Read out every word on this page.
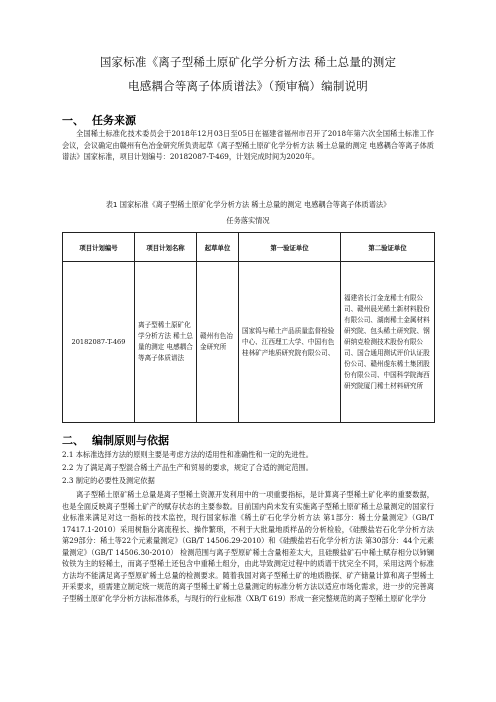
国家标准《离子型稀土原矿化学分析方法 稀土总量的测定
电感耦合等离子体质谱法》（预审稿）编制说明
一、 任务来源

全国稀土标准化技术委员会于2018年12月03日至05日在福建省福州市召开了2018年第六次全国稀土标准工作会议，会议确定由赣州有色冶金研究所负责起草《离子型稀土原矿化学分析方法 稀土总量的测定 电感耦合等离子体质谱法》国家标准，项目计划编号：20182087-T-469，计划完成时间为2020年。

表1 国家标准《离子型稀土原矿化学分析方法 稀土总量的测定 电感耦合等离子体质谱法》
任务落实情况
项目计划编号	项目计划名称	起草单位	第一验证单位	第二验证单位
20182087-T-469	离子型稀土原矿化学分析方法 稀土总量的测定 电感耦合等离子体质谱法	赣州有色冶金研究所	国家钨与稀土产品质量监督检验中心、江西理工大学、中国有色桂林矿产地质研究院有限公司、	福建省长汀金龙稀土有限公司、赣州晨光稀土新材料股份有限公司、湖南稀土金属材料研究院、包头稀土研究院、钢研纳克检测技术股份有限公司、国合通用测试评价认证股份公司、赣州虔东稀土集团股份有限公司、中国科学院海西研究院厦门稀土材料研究所
二、 编制原则与依据
2.1 本标准选择方法的原则主要是考虑方法的适用性和准确性和一定的先进性。
2.2 为了满足离子型混合稀土产品生产和贸易的要求，规定了合适的测定范围。
2.3 制定的必要性及测定依据

离子型稀土原矿稀土总量是离子型稀土资源开发利用中的一项重要指标，是计算离子型稀土矿化率的重要数据，也是全面反映离子型稀土矿产的赋存状态的主要参数。目前国内尚未发有实施离子型稀土原矿稀土总量测定的国家行业标准来满足对这一指标的技术监控，现行国家标准《稀土矿石化学分析方法 第1部分：稀土分量测定》（GB/T 17417.1-2010）采用树脂分离流程长、操作繁琐，不利于大批量地质样品的分析检验，《硅酸盐岩石化学分析方法 第29部分：稀土等22个元素量测定》（GB/T 14506.29-2010）和《硅酸盐岩石化学分析方法 第30部分：44个元素量测定》（GB/T 14506.30-2010） 检测范围与离子型原矿稀土含量相差太大，且硅酸盐矿石中稀土赋存相分以铈镧钕铁为主的轻稀土，而离子型稀土还包含中重稀土组分，由此导致测定过程中的质谱干扰完全不同，采用这两个标准方法均不能满足离子型原矿稀土总量的检测要求。随着我国对离子型稀土矿的地质勘探、矿产储量计算和离子型稀土开采要求，亟需建立制定统一规范的离子型稀土矿稀土总量测定的标准分析方法以适应市场化需求，进一步的完善离子型稀土原矿化学分析方法标准体系，与现行的行业标准（XB/T 619）形成一套完整规范的离子型稀土原矿化学分
